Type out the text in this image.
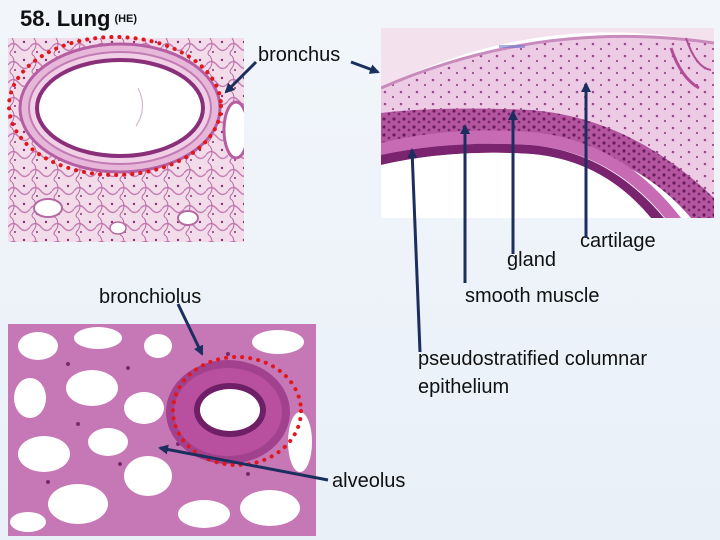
58. Lung $^{(HE)}$
bronchus
cartilage
gland
bronchiolus	smooth muscle
pseudostratified columnar
epithelium
alveolus
